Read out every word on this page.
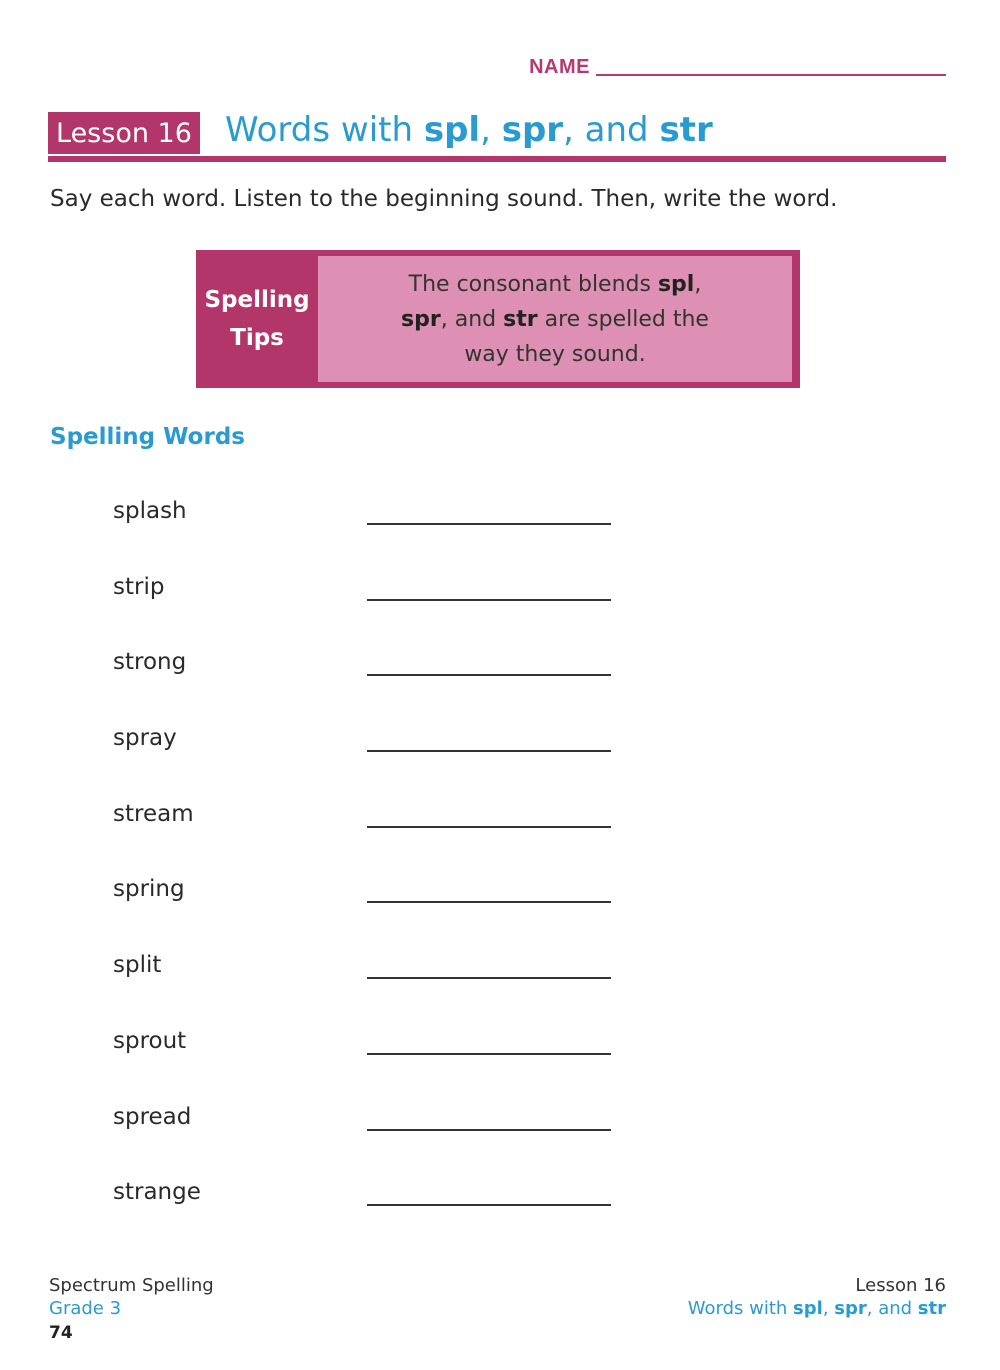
NAME
Lesson 16 Words with spl, spr, and str
Say each word. Listen to the beginning sound. Then, write the word.
Spelling
Tips
The consonant blends spl,
spr, and str are spelled the
way they sound.
Spelling Words
splash
strip
strong
spray
stream
spring
split
sprout
spread
strange
Spectrum Spelling
Grade 3
74
Lesson 16
Words with spl, spr, and str
